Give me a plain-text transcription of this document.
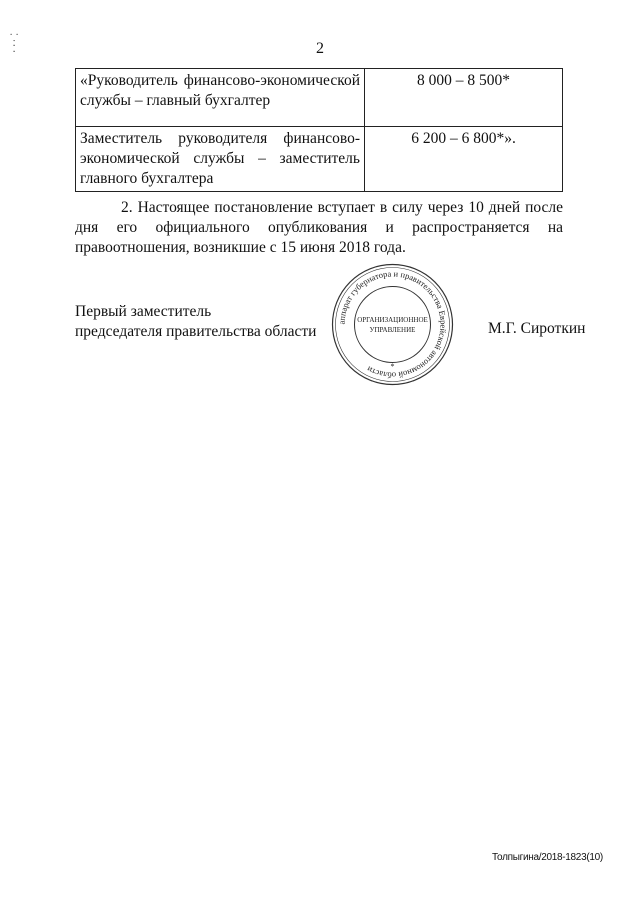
⸪
⁚	2
«Руководитель финансово-экономической службы – главный бухгалтер	8 000 – 8 500*
Заместитель руководителя финансово-экономической службы – заместитель главного бухгалтера	6 200 – 6 800*».
2. Настоящее постановление вступает в силу через 10 дней после дня его официального опубликования и распространяется на правоотношения, возникшие с 15 июня 2018 года.
Первый заместитель
председателя правительства области
аппарат губернатора и правительства Еврейской автономной области
ОРГАНИЗАЦИОННОЕ
УПРАВЛЕНИЕ
*
М.Г. Сироткин
Толпыгина/2018-1823(10)
